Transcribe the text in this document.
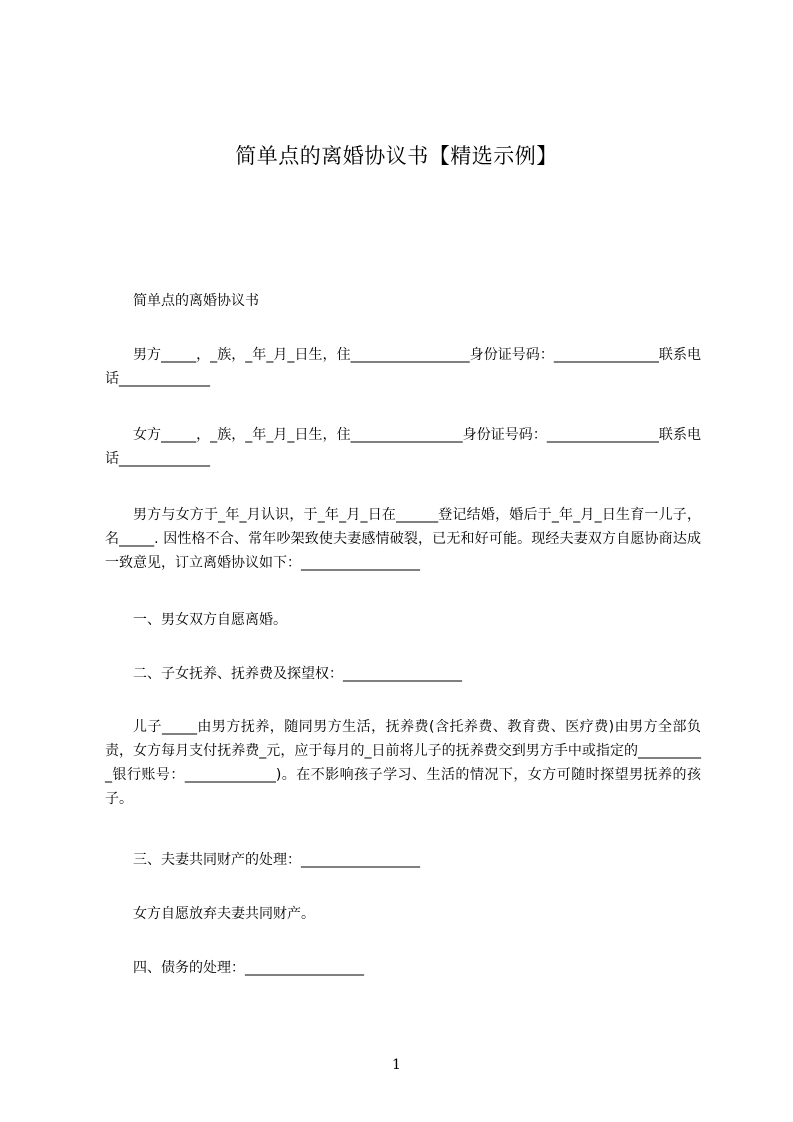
简单点的离婚协议书【精选示例】

简单点的离婚协议书

男方_____，_族，_年_月_日生，住_________________身份证号码：_______________联系电话_____________

女方_____，_族，_年_月_日生，住________________身份证号码：________________联系电话_____________

男方与女方于_年_月认识，于_年_月_日在______登记结婚，婚后于_年_月_日生育一儿子，名_____. 因性格不合、常年吵架致使夫妻感情破裂，已无和好可能。现经夫妻双方自愿协商达成一致意见，订立离婚协议如下：_________________

一、男女双方自愿离婚。

二、子女抚养、抚养费及探望权：_________________

儿子_____由男方抚养，随同男方生活，抚养费(含托养费、教育费、医疗费)由男方全部负责，女方每月支付抚养费_元，应于每月的_日前将儿子的抚养费交到男方手中或指定的__________银行账号：_____________)。在不影响孩子学习、生活的情况下，女方可随时探望男抚养的孩子。

三、夫妻共同财产的处理：_________________

女方自愿放弃夫妻共同财产。

四、债务的处理：_________________

1
